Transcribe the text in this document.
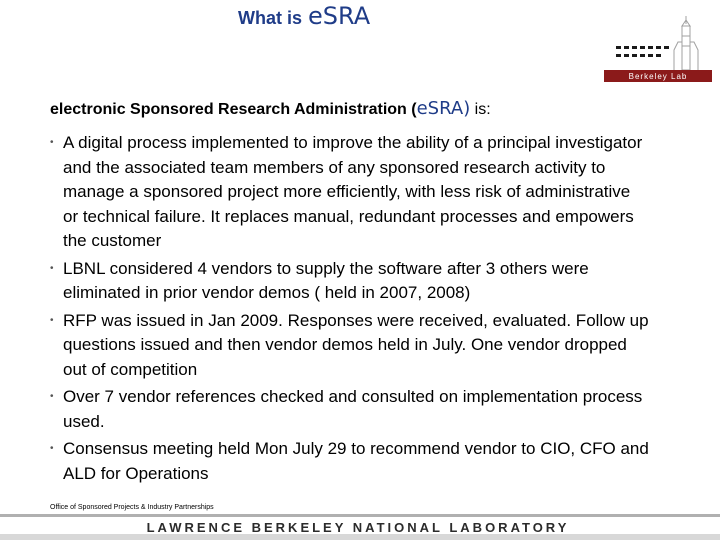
What is eSRA
Berkeley Lab
electronic Sponsored Research Administration (eSRA) is:
• A digital process implemented to improve the ability of a principal investigator and the associated team members of any sponsored research activity to manage a sponsored project more efficiently, with less risk of administrative or technical failure. It replaces manual, redundant processes and empowers the customer
• LBNL considered 4 vendors to supply the software after 3 others were eliminated in prior vendor demos ( held in 2007, 2008)
• RFP was issued in Jan 2009. Responses were received, evaluated. Follow up questions issued and then vendor demos held in July. One vendor dropped out of competition
• Over 7 vendor references checked and consulted on implementation process used.
• Consensus meeting held Mon July 29 to recommend vendor to CIO, CFO and ALD for Operations
Office of Sponsored Projects & Industry Partnerships
LAWRENCE BERKELEY NATIONAL LABORATORY
